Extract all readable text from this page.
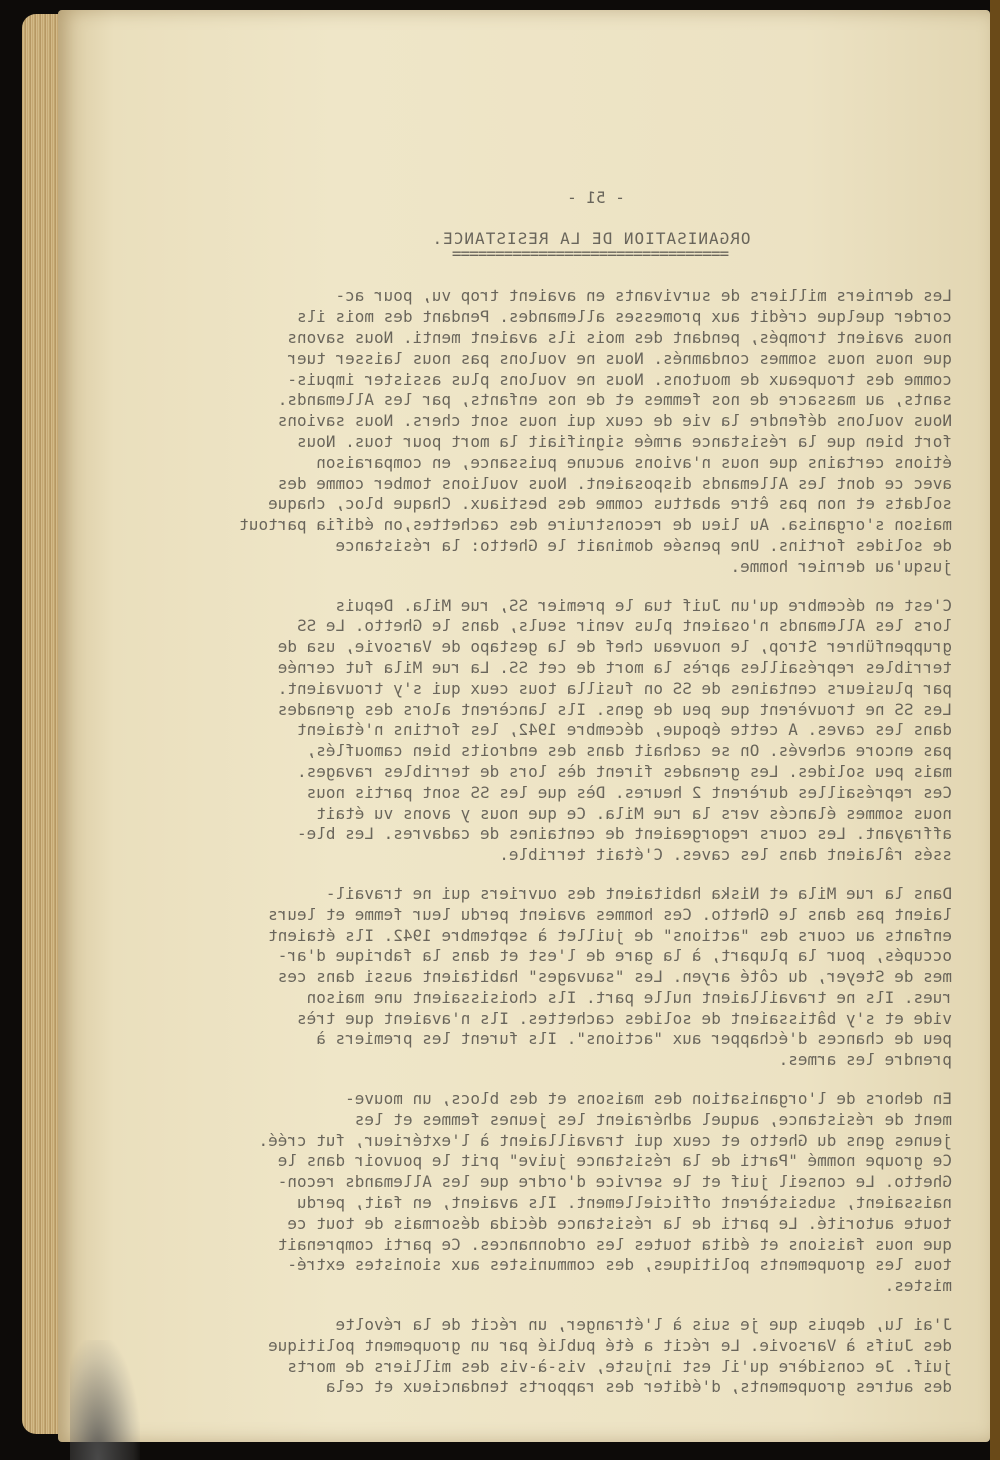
- 51 -
ORGANISATION DE LA RESISTANCE.
================================

Les derniers milliers de survivants en avaient trop vu, pour ac-
corder quelque crédit aux promesses allemandes. Pendant des mois ils
nous avaient trompés, pendant des mois ils avaient menti. Nous savons
que nous nous sommes condamnés. Nous ne voulons pas nous laisser tuer
comme des troupeaux de moutons. Nous ne voulons plus assister impuis-
sants, au massacre de nos femmes et de nos enfants, par les Allemands.
Nous voulons défendre la vie de ceux qui nous sont chers. Nous savions
fort bien que la résistance armée signifiait la mort pour tous. Nous
étions certains que nous n'avions aucune puissance, en comparaison
avec ce dont les Allemands disposaient. Nous voulions tomber comme des
soldats et non pas être abattus comme des bestiaux. Chaque bloc, chaque
maison s'organisa. Au lieu de reconstruire des cachettes,on édifia partout
de solides fortins. Une pensée dominait le Ghetto: la résistance
jusqu'au dernier homme.

C'est en décembre qu'un Juif tua le premier SS, rue Mila. Depuis
lors les Allemands n'osaient plus venir seuls, dans le Ghetto. Le SS
gruppenführer Strop, le nouveau chef de la gestapo de Varsovie, usa de
terribles représailles après la mort de cet SS. La rue Mila fut cernée
par plusieurs centaines de SS on fusilla tous ceux qui s'y trouvaient.
Les SS ne trouvèrent que peu de gens. Ils lancèrent alors des grenades
dans les caves. A cette époque, décembre 1942, les fortins n'étaient
pas encore achevés. On se cachait dans des endroits bien camouflés,
mais peu solides. Les grenades firent dès lors de terribles ravages.
Ces représailles durèrent 2 heures. Dès que les SS sont partis nous
nous sommes élancés vers la rue Mila. Ce que nous y avons vu était
affrayant. Les cours regorgeaient de centaines de cadavres. Les ble-
ssés râlaient dans les caves. C'était terrible.

Dans la rue Mila et Niska habitaient des ouvriers qui ne travail-
laient pas dans le Ghetto. Ces hommes avaient perdu leur femme et leurs
enfants au cours des "actions" de juillet à septembre 1942. Ils étaient
occupés, pour la plupart, à la gare de l'est et dans la fabrique d'ar-
mes de Steyer, du côté aryen. Les "sauvages" habitaient aussi dans ces
rues. Ils ne travaillaient nulle part. Ils choisissaient une maison
vide et s'y bâtissaient de solides cachettes. Ils n'avaient que très
peu de chances d'échapper aux "actions". Ils furent les premiers à
prendre les armes.

En dehors de l'organisation des maisons et des blocs, un mouve-
ment de résistance, auquel adhéraient les jeunes femmes et les
jeunes gens du Ghetto et ceux qui travaillaient à l'extérieur, fut créé.
Ce groupe nommé "Parti de la résistance juive" prit le pouvoir dans le
Ghetto. Le conseil juif et le service d'ordre que les Allemands recon-
naissaient, subsistèrent officiellement. Ils avaient, en fait, perdu
toute autorité. Le parti de la résistance décida désormais de tout ce
que nous faisions et édita toutes les ordonnances. Ce parti comprenait
tous les groupements politiques, des communistes aux sionistes extré-
mistes.

J'ai lu, depuis que je suis à l'étranger, un récit de la révolte
des Juifs à Varsovie. Le récit a été publié par un groupement politique
juif. Je considère qu'il est injuste, vis-à-vis des milliers de morts
des autres groupements, d'éditer des rapports tendancieux et cela
